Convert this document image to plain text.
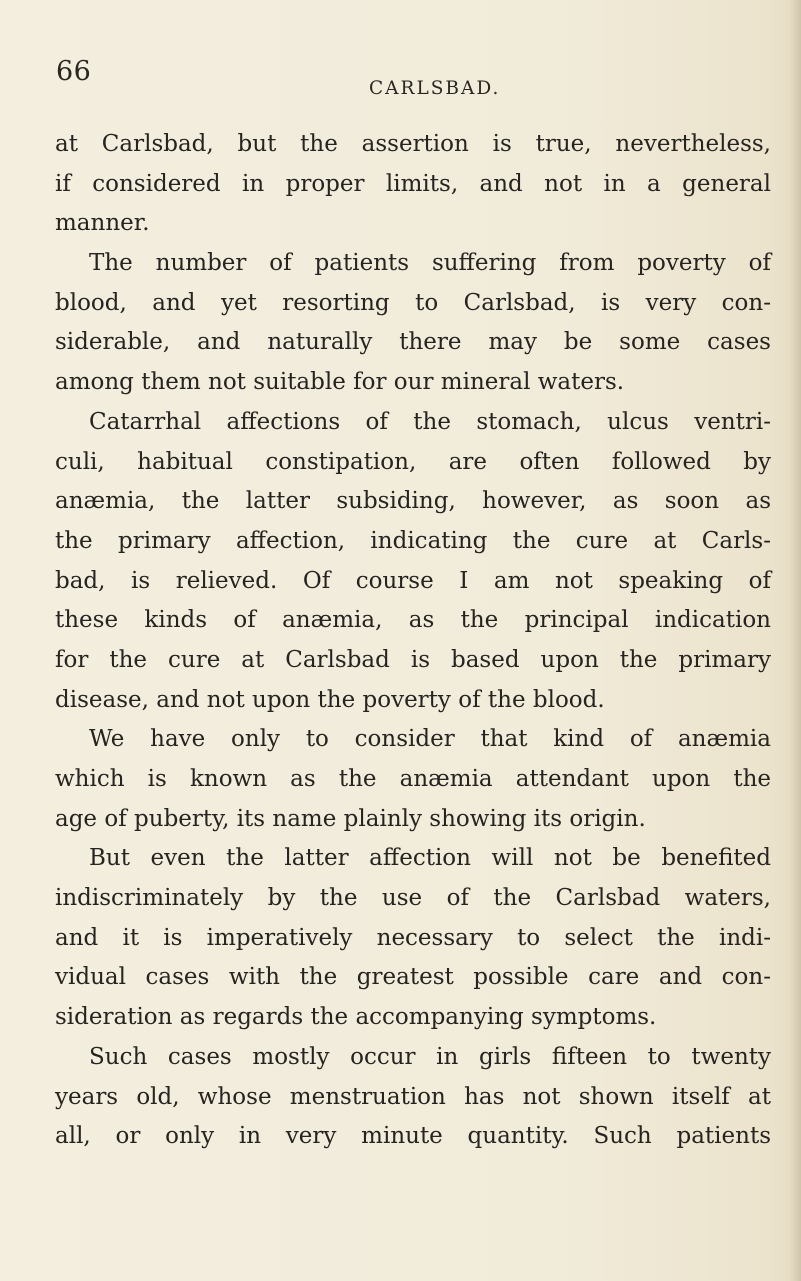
66
CARLSBAD.
at Carlsbad, but the assertion is true, nevertheless,
if considered in proper limits, and not in a general
manner.
The number of patients suffering from poverty of
blood, and yet resorting to Carlsbad, is very con-
siderable, and naturally there may be some cases
among them not suitable for our mineral waters.
Catarrhal affections of the stomach, ulcus ventri-
culi, habitual constipation, are often followed by
anæmia, the latter subsiding, however, as soon as
the primary affection, indicating the cure at Carls-
bad, is relieved. Of course I am not speaking of
these kinds of anæmia, as the principal indication
for the cure at Carlsbad is based upon the primary
disease, and not upon the poverty of the blood.
We have only to consider that kind of anæmia
which is known as the anæmia attendant upon the
age of puberty, its name plainly showing its origin.
But even the latter affection will not be benefited
indiscriminately by the use of the Carlsbad waters,
and it is imperatively necessary to select the indi-
vidual cases with the greatest possible care and con-
sideration as regards the accompanying symptoms.
Such cases mostly occur in girls fifteen to twenty
years old, whose menstruation has not shown itself at
all, or only in very minute quantity. Such patients
